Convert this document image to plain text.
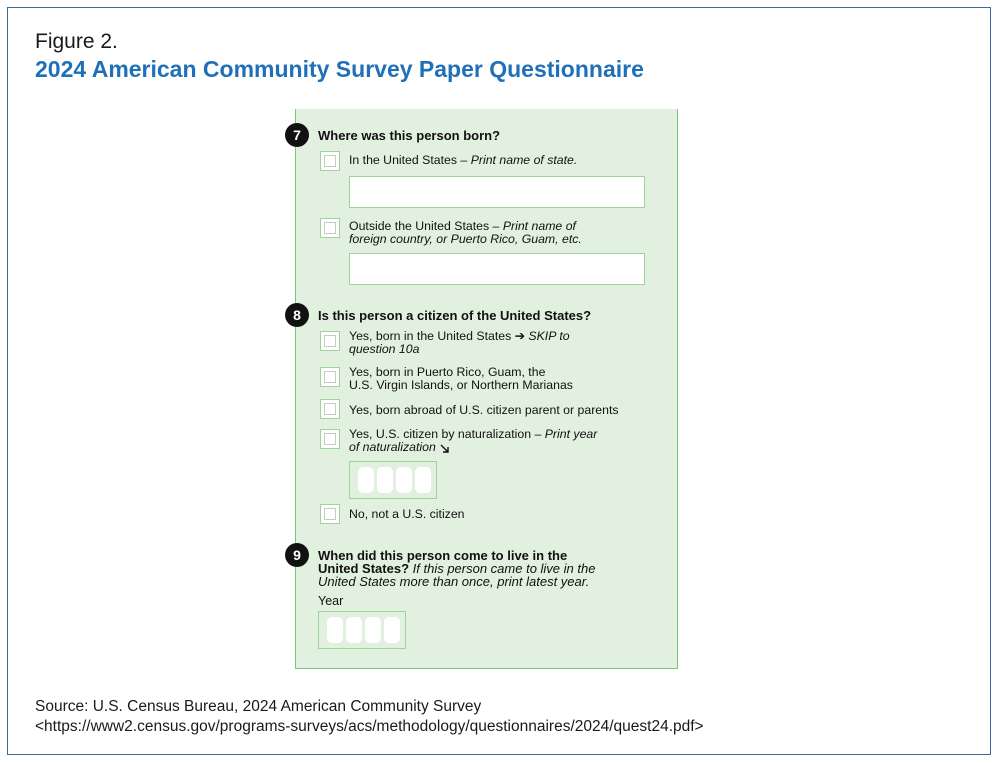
Figure 2.
2024 American Community Survey Paper Questionnaire
7	Where was this person born?
In the United States – Print name of state.
Outside the United States – Print name of
foreign country, or Puerto Rico, Guam, etc.
8	Is this person a citizen of the United States?
Yes, born in the United States ➔ SKIP to
question 10a
Yes, born in Puerto Rico, Guam, the
U.S. Virgin Islands, or Northern Marianas
Yes, born abroad of U.S. citizen parent or parents
Yes, U.S. citizen by naturalization – Print year
of naturalization
No, not a U.S. citizen
9	When did this person come to live in the
United States? If this person came to live in the
United States more than once, print latest year.
Year
Source: U.S. Census Bureau, 2024 American Community Survey
<https://www2.census.gov/programs-surveys/acs/methodology/questionnaires/2024/quest24.pdf>
